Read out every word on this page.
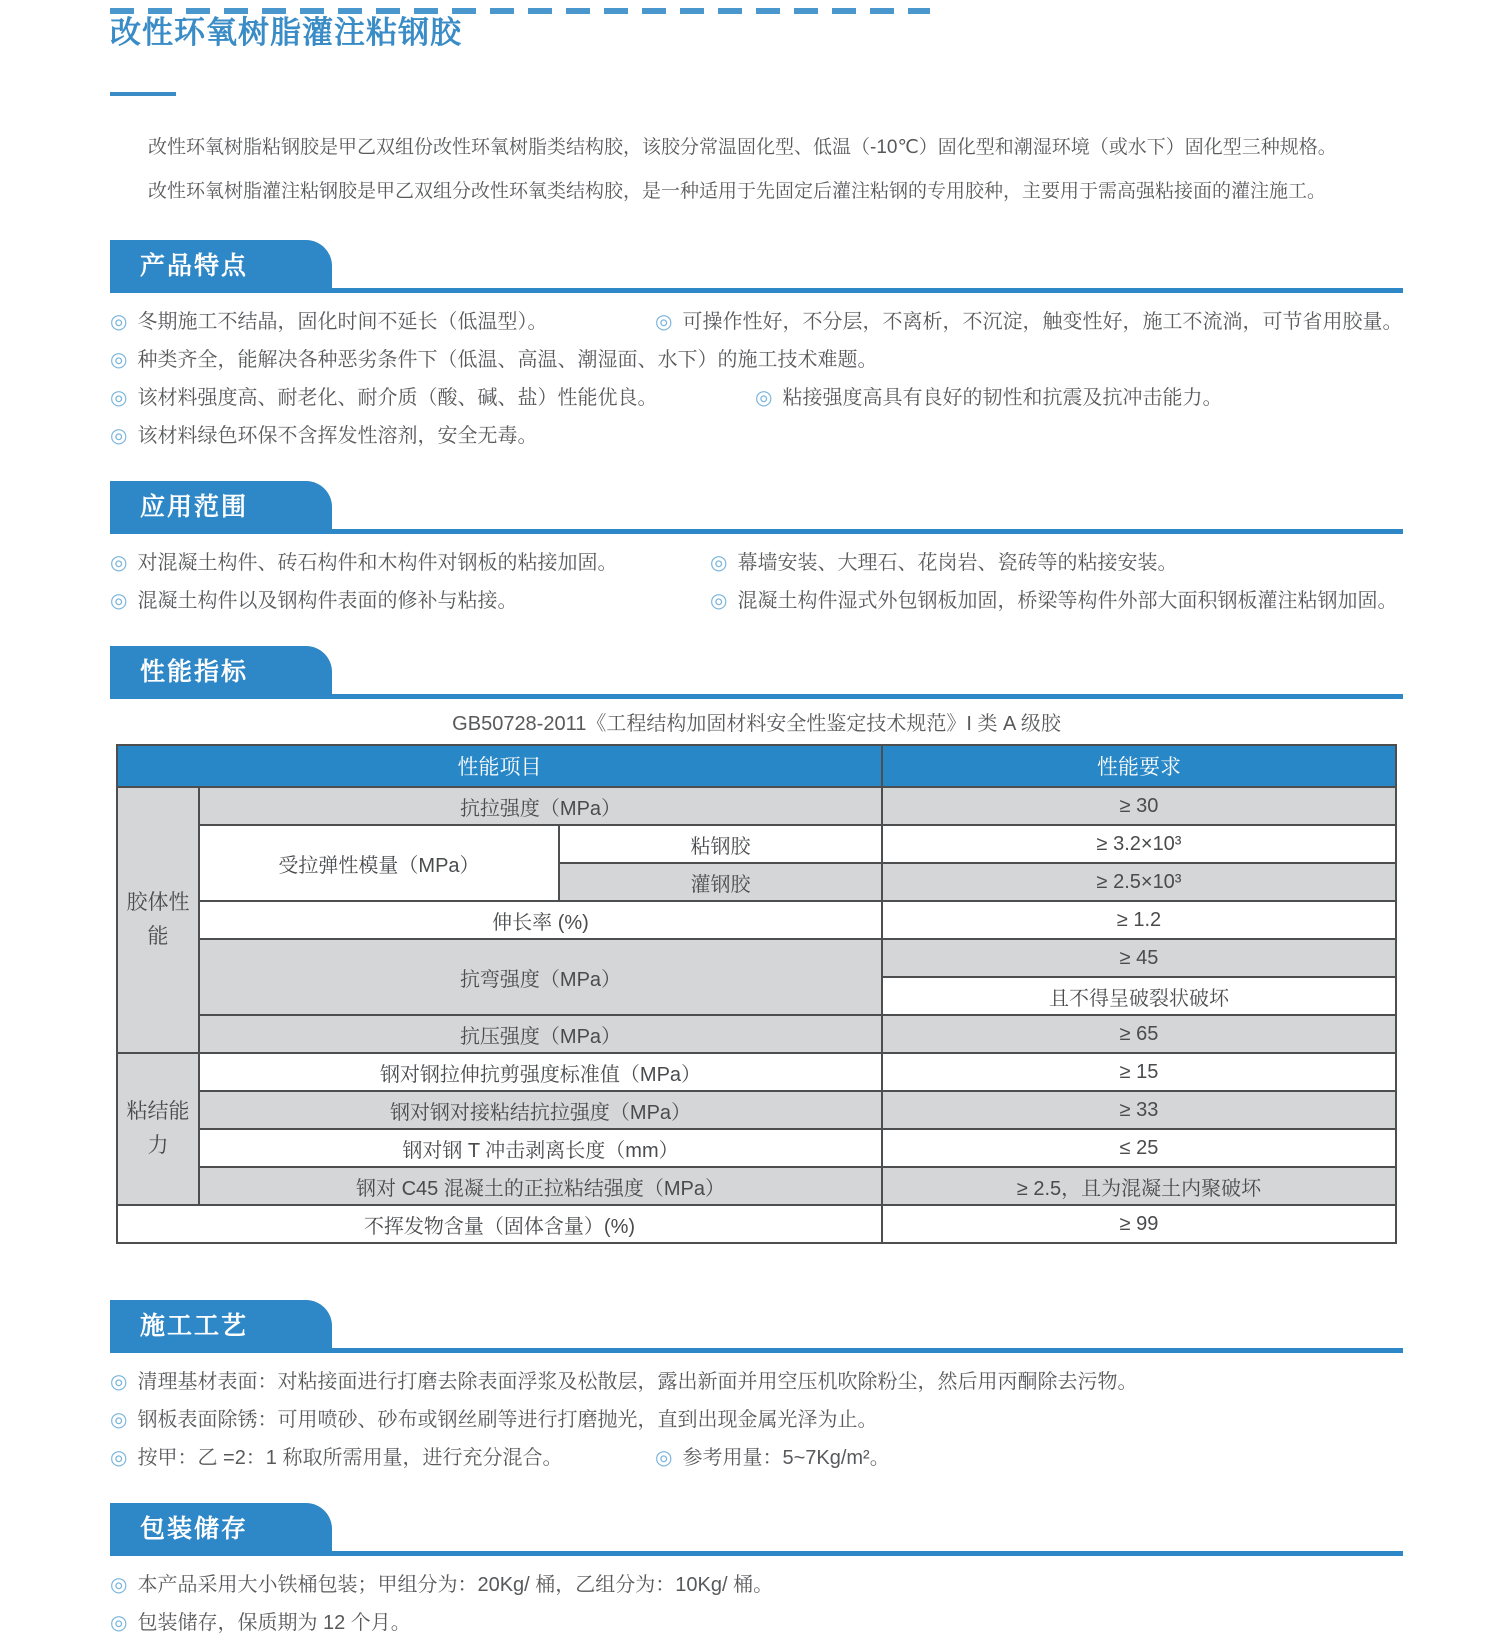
改性环氧树脂灌注粘钢胶

改性环氧树脂粘钢胶是甲乙双组份改性环氧树脂类结构胶，该胶分常温固化型、低温（-10℃）固化型和潮湿环境（或水下）固化型三种规格。

改性环氧树脂灌注粘钢胶是甲乙双组分改性环氧类结构胶，是一种适用于先固定后灌注粘钢的专用胶种，主要用于需高强粘接面的灌注施工。

产品特点
◎ 冬期施工不结晶，固化时间不延长（低温型）。	◎ 可操作性好，不分层，不离析，不沉淀，触变性好，施工不流淌，可节省用胶量。
◎ 种类齐全，能解决各种恶劣条件下（低温、高温、潮湿面、水下）的施工技术难题。
◎ 该材料强度高、耐老化、耐介质（酸、碱、盐）性能优良。	◎ 粘接强度高具有良好的韧性和抗震及抗冲击能力。
◎ 该材料绿色环保不含挥发性溶剂，安全无毒。
应用范围
◎ 对混凝土构件、砖石构件和木构件对钢板的粘接加固。	◎ 幕墙安装、大理石、花岗岩、瓷砖等的粘接安装。
◎ 混凝土构件以及钢构件表面的修补与粘接。	◎ 混凝土构件湿式外包钢板加固，桥梁等构件外部大面积钢板灌注粘钢加固。
性能指标
GB50728-2011《工程结构加固材料安全性鉴定技术规范》I 类 A 级胶
性能项目			性能要求
胶体性能	抗拉强度（MPa）		≥ 30
	受拉弹性模量（MPa）	粘钢胶	≥ 3.2×10³
		灌钢胶	≥ 2.5×10³
	伸长率 (%)		≥ 1.2
	抗弯强度（MPa）		≥ 45
			且不得呈破裂状破坏
	抗压强度（MPa）		≥ 65
粘结能力	钢对钢拉伸抗剪强度标准值（MPa）		≥ 15
	钢对钢对接粘结抗拉强度（MPa）		≥ 33
	钢对钢 T 冲击剥离长度（mm）		≤ 25
	钢对 C45 混凝土的正拉粘结强度（MPa）		≥ 2.5，且为混凝土内聚破坏
不挥发物含量（固体含量）(%)			≥ 99
施工工艺
◎ 清理基材表面：对粘接面进行打磨去除表面浮浆及松散层，露出新面并用空压机吹除粉尘，然后用丙酮除去污物。
◎ 钢板表面除锈：可用喷砂、砂布或钢丝刷等进行打磨抛光，直到出现金属光泽为止。
◎ 按甲：乙 =2：1 称取所需用量，进行充分混合。	◎ 参考用量：5~7Kg/m²。
包装储存
◎ 本产品采用大小铁桶包装；甲组分为：20Kg/ 桶，乙组分为：10Kg/ 桶。
◎ 包装储存，保质期为 12 个月。
